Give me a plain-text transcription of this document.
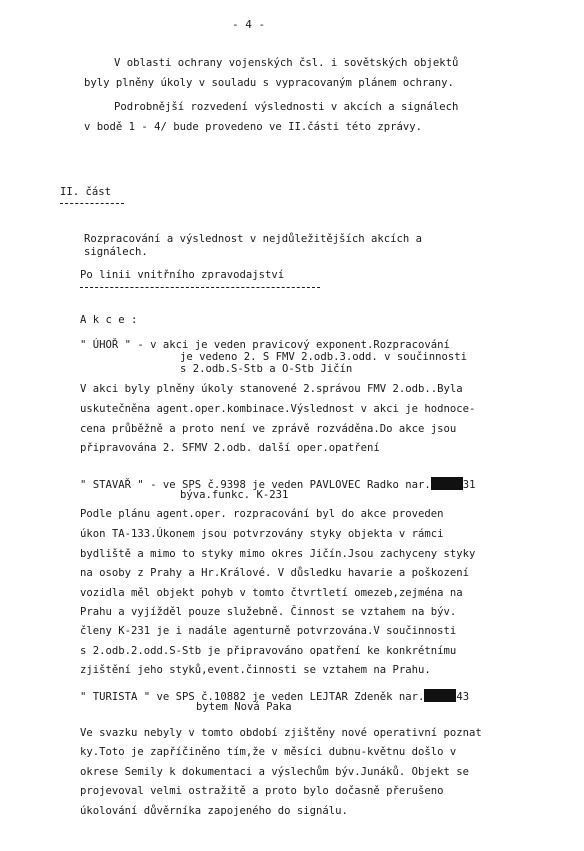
- 4 -
V oblasti ochrany vojenských čsl. i sovětských objektů
byly plněny úkoly v souladu s vypracovaným plánem ochrany.
Podrobnější rozvedení výslednosti v akcích a signálech
v bodě 1 - 4/ bude provedeno ve II.části této zprávy.
II. část
Rozpracování a výslednost v nejdůležitějších akcích a
signálech.
Po linii vnitřního zpravodajství
A k c e :
" ÚHOŘ " - v akci je veden pravicový exponent.Rozpracování
je vedeno 2. S FMV 2.odb.3.odd. v součinnosti
s 2.odb.S-Stb a O-Stb Jičín
V akci byly plněny úkoly stanovené 2.správou FMV 2.odb..Byla
uskutečněna agent.oper.kombinace.Výslednost v akci je hodnoce-
cena průběžně a proto není ve zprávě rozváděna.Do akce jsou
připravována 2. SFMV 2.odb. další oper.opatření
" STAVAŘ " - ve SPS č.9398 je veden PAVLOVEC Radko nar.	31
býva.funkc. K-231
Podle plánu agent.oper. rozpracování byl do akce proveden
úkon TA-133.Úkonem jsou potvrzovány styky objekta v rámci
bydliště a mimo to styky mimo okres Jičín.Jsou zachyceny styky
na osoby z Prahy a Hr.Králové. V důsledku havarie a poškození
vozidla měl objekt pohyb v tomto čtvrtletí omezeb,zejména na
Prahu a vyjížděl pouze služebně. Činnost se vztahem na býv.
členy K-231 je i nadále agenturně potvrzována.V součinnosti
s 2.odb.2.odd.S-Stb je připravováno opatření ke konkrétnímu
zjištění jeho styků,event.činnosti se vztahem na Prahu.
" TURISTA " ve SPS č.10882 je veden LEJTAR Zdeněk nar.	43
bytem Nová Paka
Ve svazku nebyly v tomto období zjištěny nové operativní poznat
ky.Toto je zapříčiněno tím,že v měsíci dubnu-květnu došlo v
okrese Semily k dokumentaci a výslechům býv.Junáků. Objekt se
projevoval velmi ostražitě a proto bylo dočasně přerušeno
úkolování důvěrníka zapojeného do signálu.
